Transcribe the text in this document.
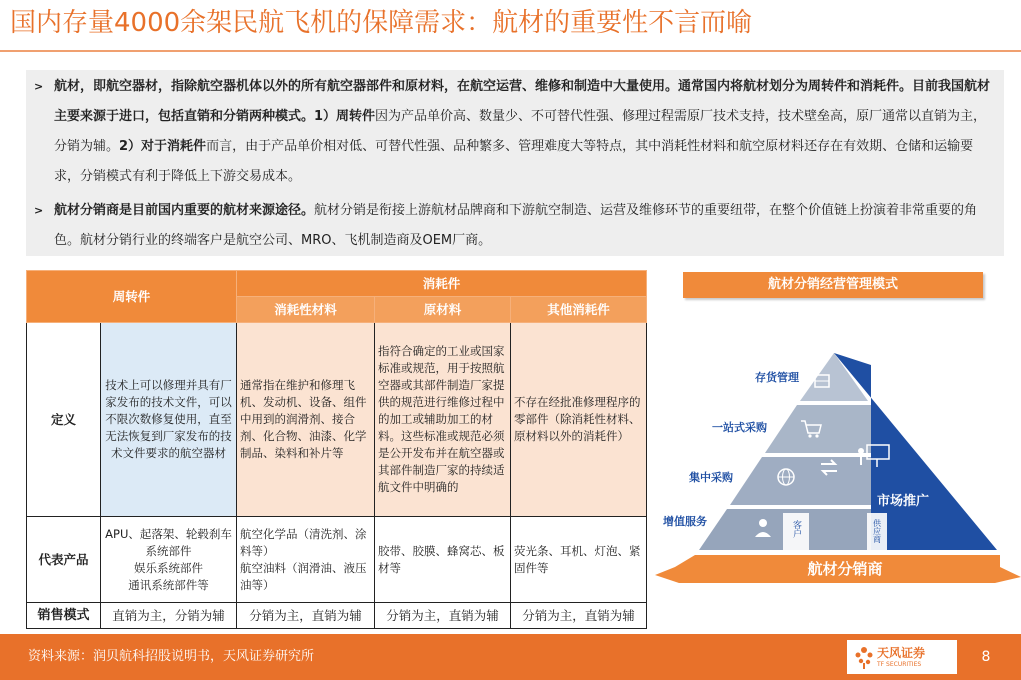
国内存量4000余架民航飞机的保障需求：航材的重要性不言而喻
> 航材，即航空器材，指除航空器机体以外的所有航空器部件和原材料，在航空运营、维修和制造中大量使用。通常国内将航材划分为周转件和消耗件。目前我国航材主要来源于进口，包括直销和分销两种模式。1）周转件因为产品单价高、数量少、不可替代性强、修理过程需原厂技术支持，技术壁垒高，原厂通常以直销为主，分销为辅。2）对于消耗件而言，由于产品单价相对低、可替代性强、品种繁多、管理难度大等特点，其中消耗性材料和航空原材料还存在有效期、仓储和运输要求，分销模式有利于降低上下游交易成本。
> 航材分销商是目前国内重要的航材来源途径。航材分销是衔接上游航材品牌商和下游航空制造、运营及维修环节的重要纽带，在整个价值链上扮演着非常重要的角色。航材分销行业的终端客户是航空公司、MRO、飞机制造商及OEM厂商。
周转件		消耗件		
		消耗性材料	原材料	其他消耗件
定义	技术上可以修理并具有厂家发布的技术文件，可以不限次数修复使用，直至无法恢复到厂家发布的技术文件要求的航空器材	通常指在维护和修理飞机、发动机、设备、组件中用到的润滑剂、接合剂、化合物、油漆、化学制品、染料和补片等	指符合确定的工业或国家标准或规范，用于按照航空器或其部件制造厂家提供的规范进行维修过程中的加工或辅助加工的材料。这些标准或规范必须是公开发布并在航空器或其部件制造厂家的持续适航文件中明确的	不存在经批准修理程序的零部件（除消耗性材料、原材料以外的消耗件）
代表产品	APU、起落架、轮毂刹车系统部件
娱乐系统部件
通讯系统部件等	航空化学品（清洗剂、涂料等）
航空油料（润滑油、液压油等）	胶带、胶膜、蜂窝芯、板材等	荧光条、耳机、灯泡、紧固件等
销售模式	直销为主，分销为辅	分销为主，直销为辅	分销为主，直销为辅	分销为主，直销为辅
航材分销经营管理模式
存货管理
一站式采购
集中采购
增值服务
市场推广
客户	供应商
航材分销商
资料来源：润贝航科招股说明书，天风证券研究所	天风证券
TF SECURITIES	8
